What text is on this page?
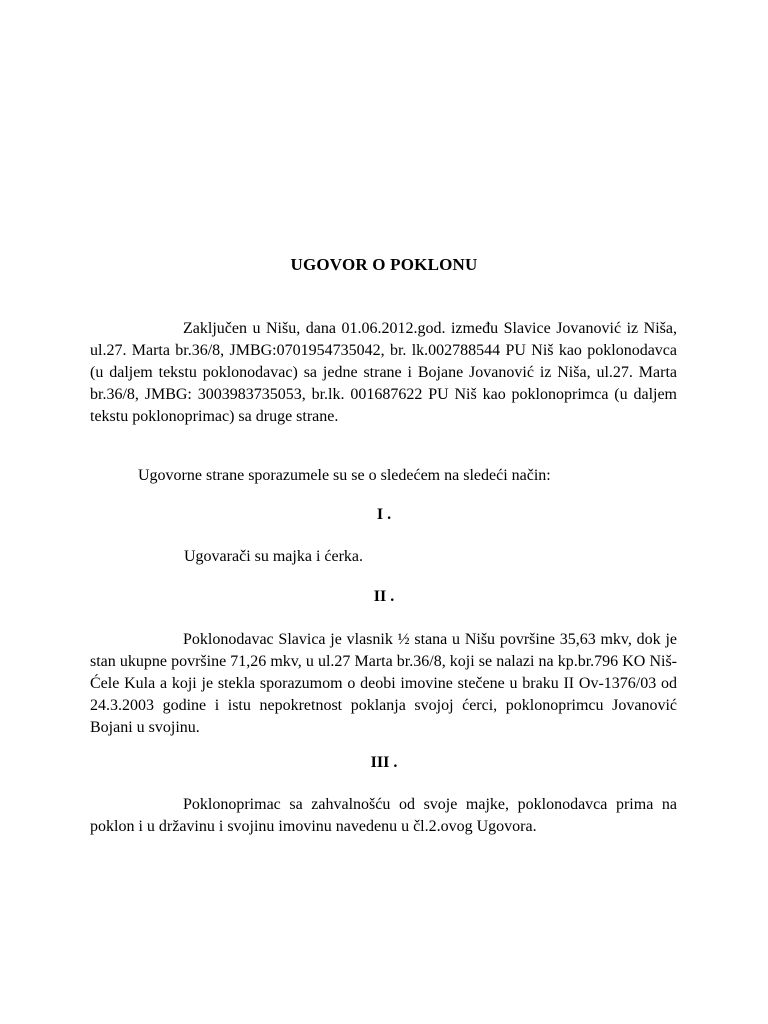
UGOVOR O POKLONU
Zaključen u Nišu, dana 01.06.2012.god. između Slavice Jovanović iz Niša, ul.27. Marta br.36/8, JMBG:0701954735042, br. lk.002788544 PU Niš kao poklonodavca (u daljem tekstu poklonodavac) sa jedne strane i Bojane Jovanović iz Niša, ul.27. Marta br.36/8, JMBG: 3003983735053, br.lk. 001687622 PU Niš kao poklonoprimca (u daljem tekstu poklonoprimac) sa druge strane.
Ugovorne strane sporazumele su se o sledećem na sledeći način:
I .
Ugovarači su majka i ćerka.
II .
Poklonodavac Slavica je vlasnik ½ stana u Nišu površine 35,63 mkv, dok je stan ukupne površine 71,26 mkv, u ul.27 Marta br.36/8, koji se nalazi na kp.br.796 KO Niš-Ćele Kula a koji je stekla sporazumom o deobi imovine stečene u braku II Ov-1376/03 od 24.3.2003 godine i istu nepokretnost poklanja svojoj ćerci, poklonoprimcu Jovanović Bojani u svojinu.
III .
Poklonoprimac sa zahvalnošću od svoje majke, poklonodavca prima na poklon i u državinu i svojinu imovinu navedenu u čl.2.ovog Ugovora.
